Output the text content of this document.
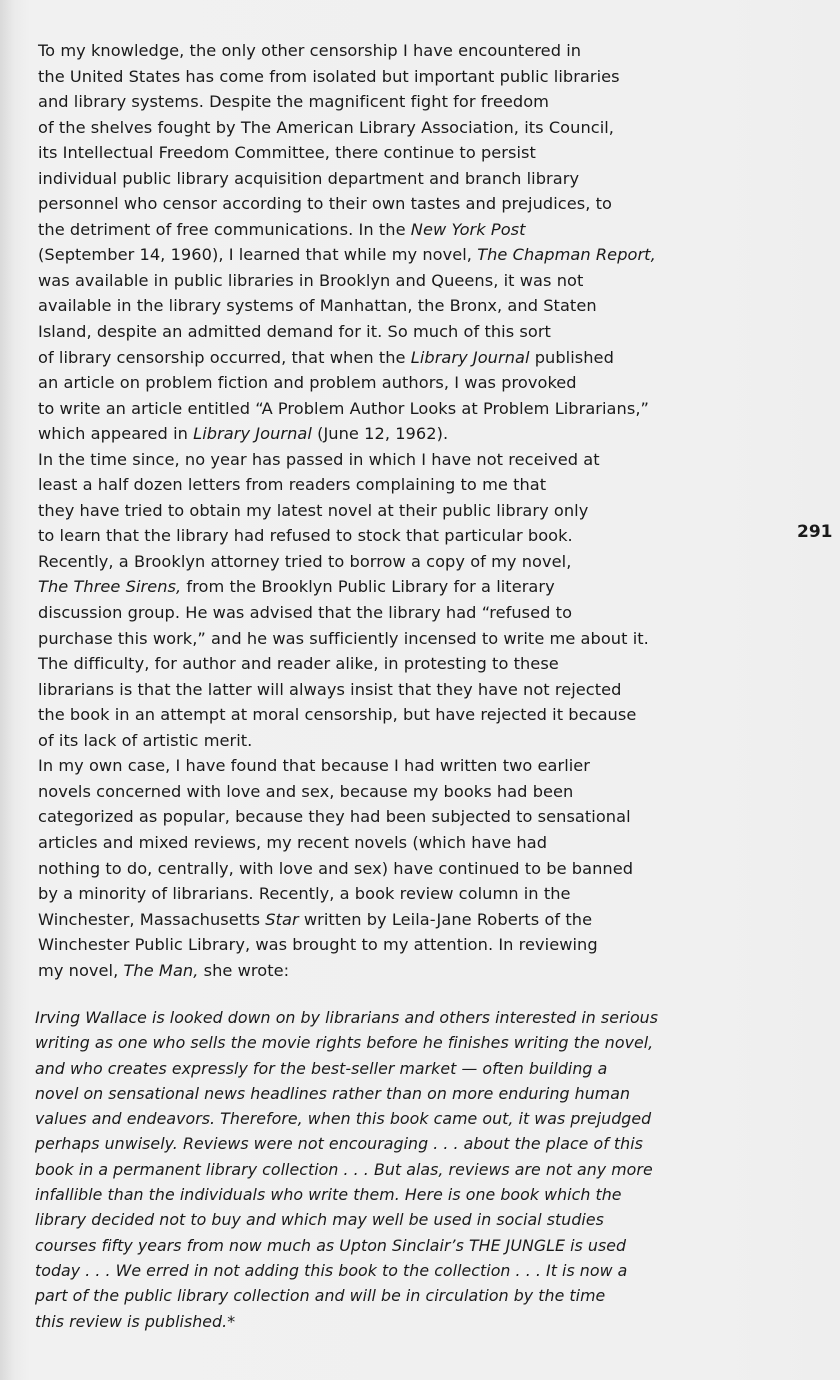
To my knowledge, the only other censorship I have encountered in
the United States has come from isolated but important public libraries
and library systems. Despite the magnificent fight for freedom
of the shelves fought by The American Library Association, its Council,
its Intellectual Freedom Committee, there continue to persist
individual public library acquisition department and branch library
personnel who censor according to their own tastes and prejudices, to
the detriment of free communications. In the New York Post
(September 14, 1960), I learned that while my novel, The Chapman Report,
was available in public libraries in Brooklyn and Queens, it was not
available in the library systems of Manhattan, the Bronx, and Staten
Island, despite an admitted demand for it. So much of this sort
of library censorship occurred, that when the Library Journal published
an article on problem fiction and problem authors, I was provoked
to write an article entitled “A Problem Author Looks at Problem Librarians,”
which appeared in Library Journal (June 12, 1962).
In the time since, no year has passed in which I have not received at
least a half dozen letters from readers complaining to me that
they have tried to obtain my latest novel at their public library only
to learn that the library had refused to stock that particular book.
Recently, a Brooklyn attorney tried to borrow a copy of my novel,
The Three Sirens, from the Brooklyn Public Library for a literary
discussion group. He was advised that the library had “refused to
purchase this work,” and he was sufficiently incensed to write me about it.
The difficulty, for author and reader alike, in protesting to these
librarians is that the latter will always insist that they have not rejected
the book in an attempt at moral censorship, but have rejected it because
of its lack of artistic merit.
In my own case, I have found that because I had written two earlier
novels concerned with love and sex, because my books had been
categorized as popular, because they had been subjected to sensational
articles and mixed reviews, my recent novels (which have had
nothing to do, centrally, with love and sex) have continued to be banned
by a minority of librarians. Recently, a book review column in the
Winchester, Massachusetts Star written by Leila-Jane Roberts of the
Winchester Public Library, was brought to my attention. In reviewing
my novel, The Man, she wrote:
291
Irving Wallace is looked down on by librarians and others interested in serious
writing as one who sells the movie rights before he finishes writing the novel,
and who creates expressly for the best-seller market — often building a
novel on sensational news headlines rather than on more enduring human
values and endeavors. Therefore, when this book came out, it was prejudged
perhaps unwisely. Reviews were not encouraging . . . about the place of this
book in a permanent library collection . . . But alas, reviews are not any more
infallible than the individuals who write them. Here is one book which the
library decided not to buy and which may well be used in social studies
courses fifty years from now much as Upton Sinclair’s THE JUNGLE is used
today . . . We erred in not adding this book to the collection . . . It is now a
part of the public library collection and will be in circulation by the time
this review is published.*
